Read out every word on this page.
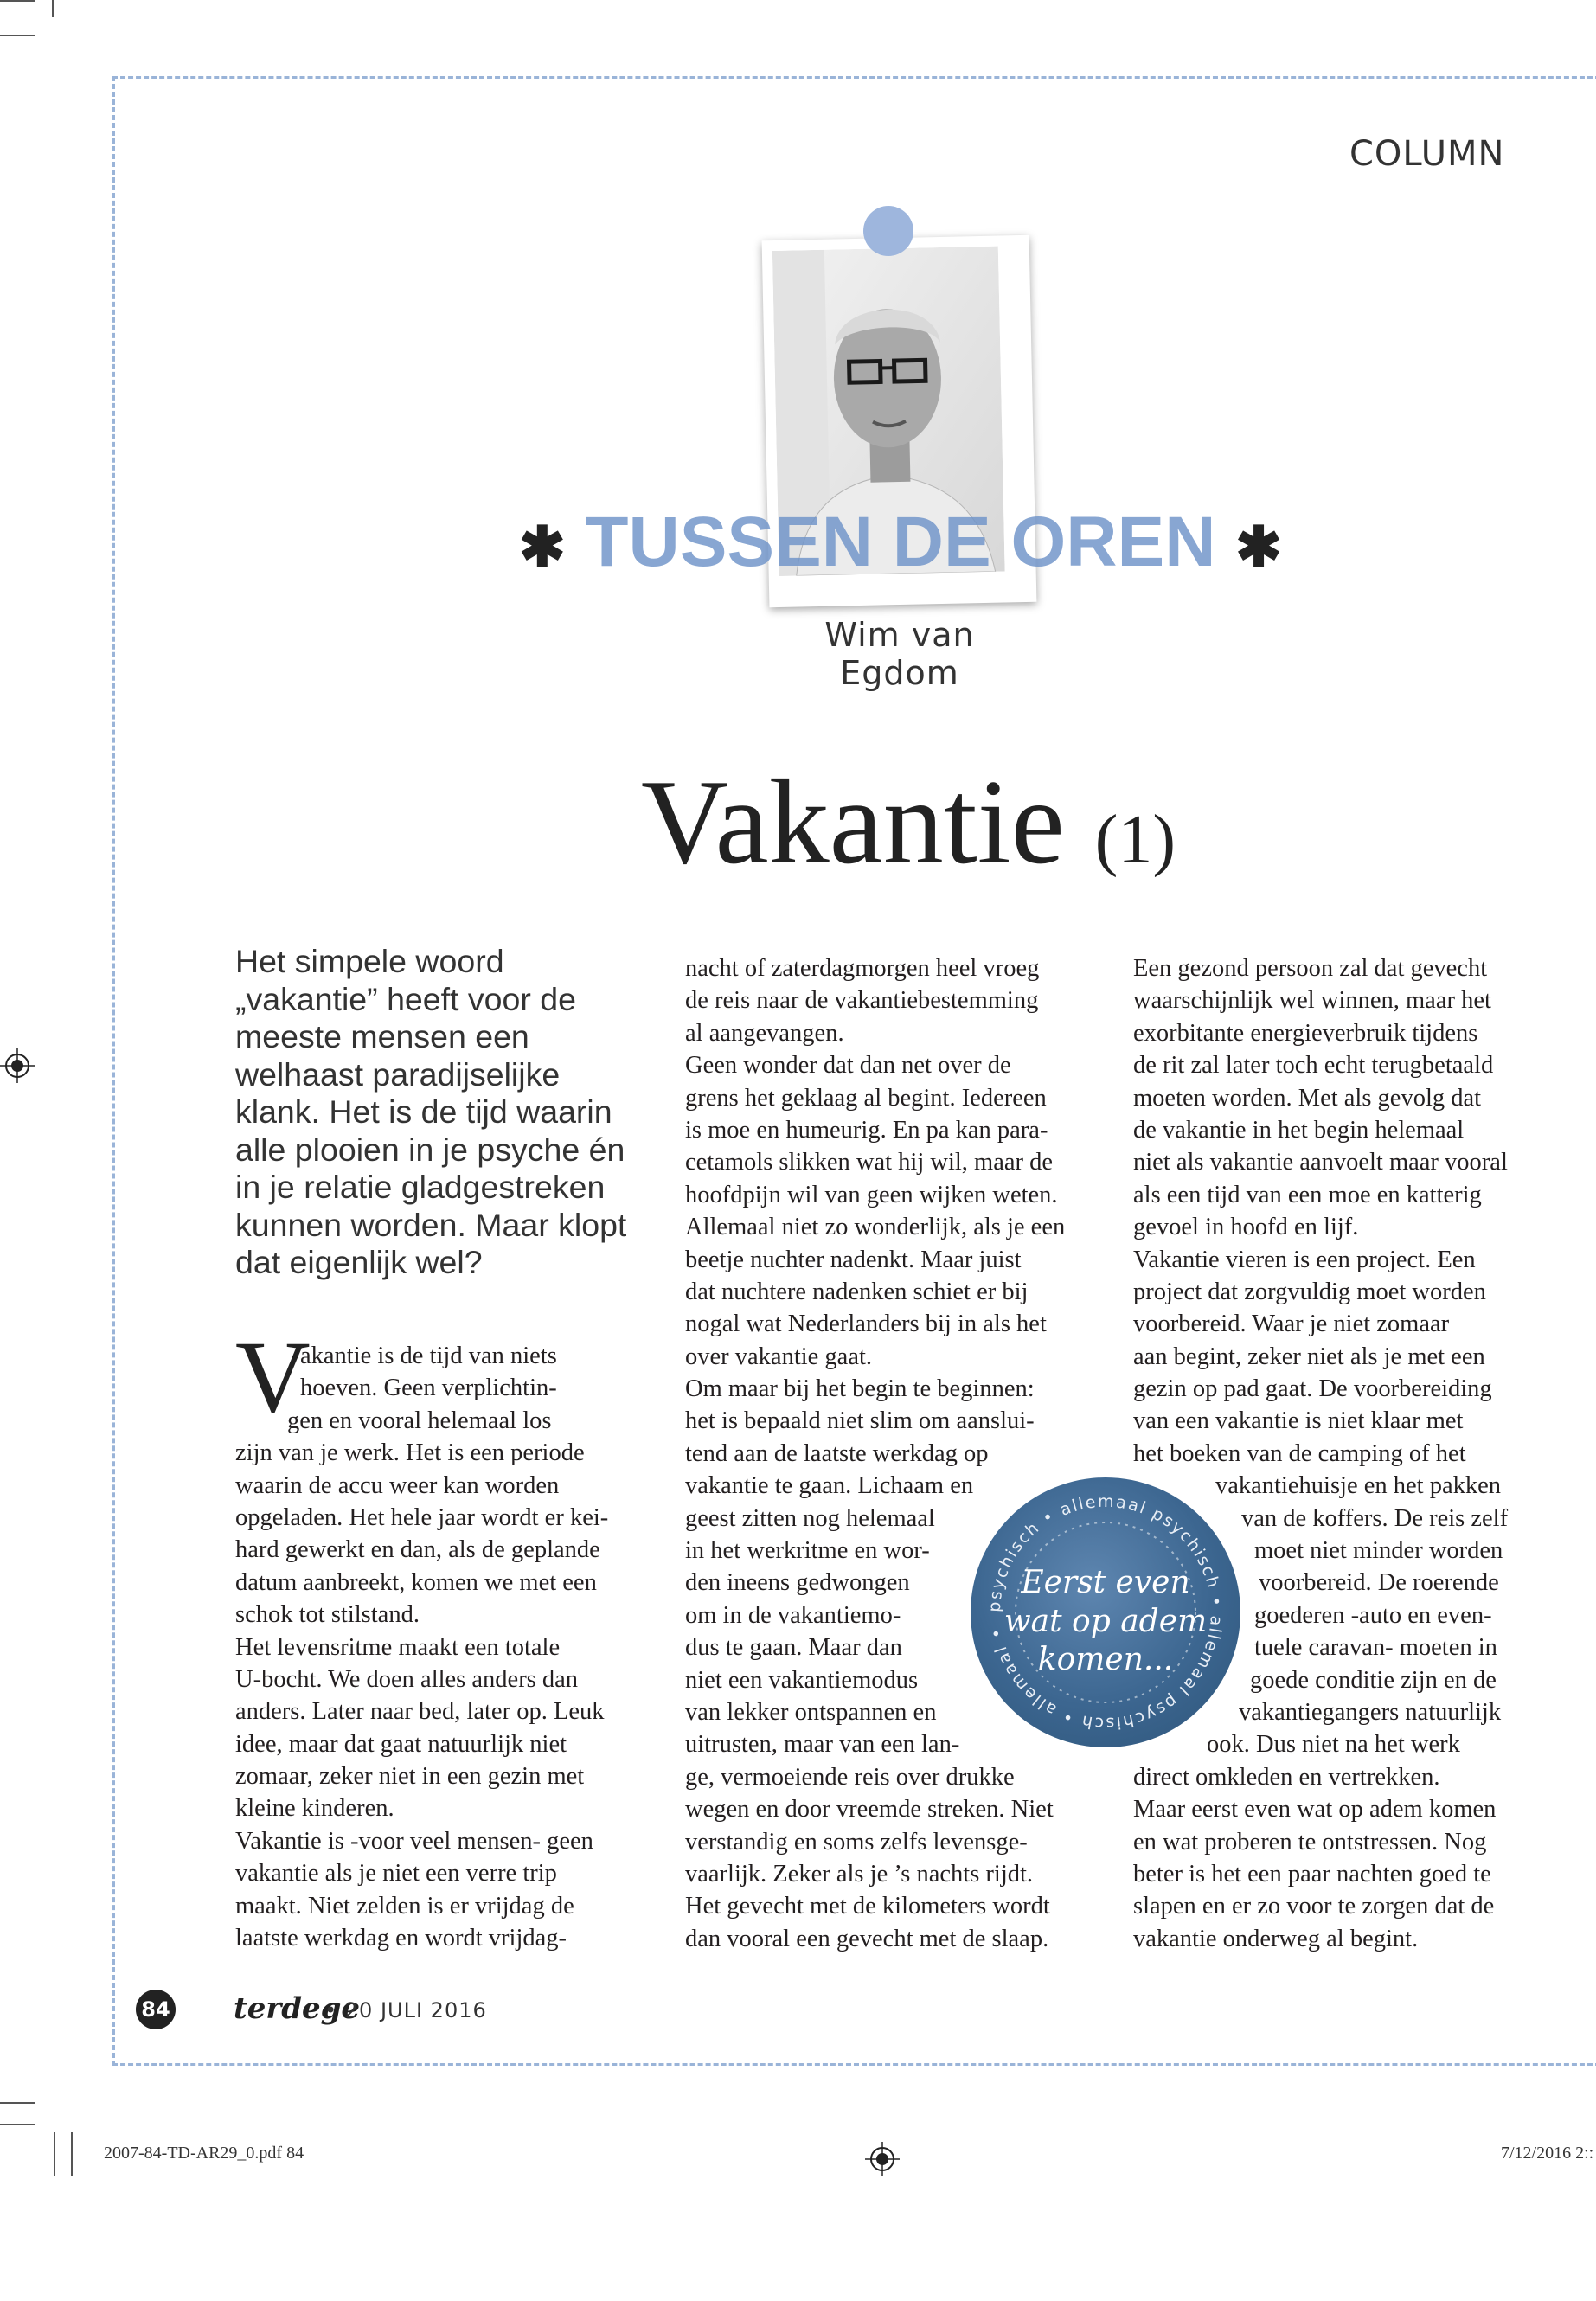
COLUMN
✱ TUSSEN DE OREN ✱
Wim van Egdom
Vakantie (1)
Het simpele woord „vakantie” heeft voor de meeste mensen een welhaast paradijselijke klank. Het is de tijd waarin alle plooien in je psyche én in je relatie gladgestreken kunnen worden. Maar klopt dat eigenlijk wel?
V
akantie is de tijd van niets
hoeven. Geen verplichtin-
gen en vooral helemaal los
zijn van je werk. Het is een periode
waarin de accu weer kan worden
opgeladen. Het hele jaar wordt er kei-
hard gewerkt en dan, als de geplande
datum aanbreekt, komen we met een
schok tot stilstand.
Het levensritme maakt een totale
U-bocht. We doen alles anders dan
anders. Later naar bed, later op. Leuk
idee, maar dat gaat natuurlijk niet
zomaar, zeker niet in een gezin met
kleine kinderen.
Vakantie is -voor veel mensen- geen
vakantie als je niet een verre trip
maakt. Niet zelden is er vrijdag de
laatste werkdag en wordt vrijdag-
nacht of zaterdagmorgen heel vroeg
de reis naar de vakantiebestemming
al aangevangen.
Geen wonder dat dan net over de
grens het geklaag al begint. Iedereen
is moe en humeurig. En pa kan para-
cetamols slikken wat hij wil, maar de
hoofdpijn wil van geen wijken weten.
Allemaal niet zo wonderlijk, als je een
beetje nuchter nadenkt. Maar juist
dat nuchtere nadenken schiet er bij
nogal wat Nederlanders bij in als het
over vakantie gaat.
Om maar bij het begin te beginnen:
het is bepaald niet slim om aanslui-
tend aan de laatste werkdag op
vakantie te gaan. Lichaam en
geest zitten nog helemaal
in het werkritme en wor-
den ineens gedwongen
om in de vakantiemo-
dus te gaan. Maar dan
niet een vakantiemodus
van lekker ontspannen en
uitrusten, maar van een lan-
ge, vermoeiende reis over drukke
wegen en door vreemde streken. Niet
verstandig en soms zelfs levensge-
vaarlijk. Zeker als je ’s nachts rijdt.
Het gevecht met de kilometers wordt
dan vooral een gevecht met de slaap.
Een gezond persoon zal dat gevecht
waarschijnlijk wel winnen, maar het
exorbitante energieverbruik tijdens
de rit zal later toch echt terugbetaald
moeten worden. Met als gevolg dat
de vakantie in het begin helemaal
niet als vakantie aanvoelt maar vooral
als een tijd van een moe en katterig
gevoel in hoofd en lijf.
Vakantie vieren is een project. Een
project dat zorgvuldig moet worden
voorbereid. Waar je niet zomaar
aan begint, zeker niet als je met een
gezin op pad gaat. De voorbereiding
van een vakantie is niet klaar met
het boeken van de camping of het
vakantiehuisje en het pakken
van de koffers. De reis zelf
moet niet minder worden
voorbereid. De roerende
goederen -auto en even-
tuele caravan- moeten in
goede conditie zijn en de
vakantiegangers natuurlijk
ook. Dus niet na het werk
direct omkleden en vertrekken.
Maar eerst even wat op adem komen
en wat proberen te ontstressen. Nog
beter is het een paar nachten goed te
slapen en er zo voor te zorgen dat de
vakantie onderweg al begint.
psychisch • allemaal psychisch • allemaal psychisch • allemaal •
Eerst even
wat op adem
komen...
84 terdege
• 20 JULI 2016
2007-84-TD-AR29_0.pdf 84	7/12/2016 2::
